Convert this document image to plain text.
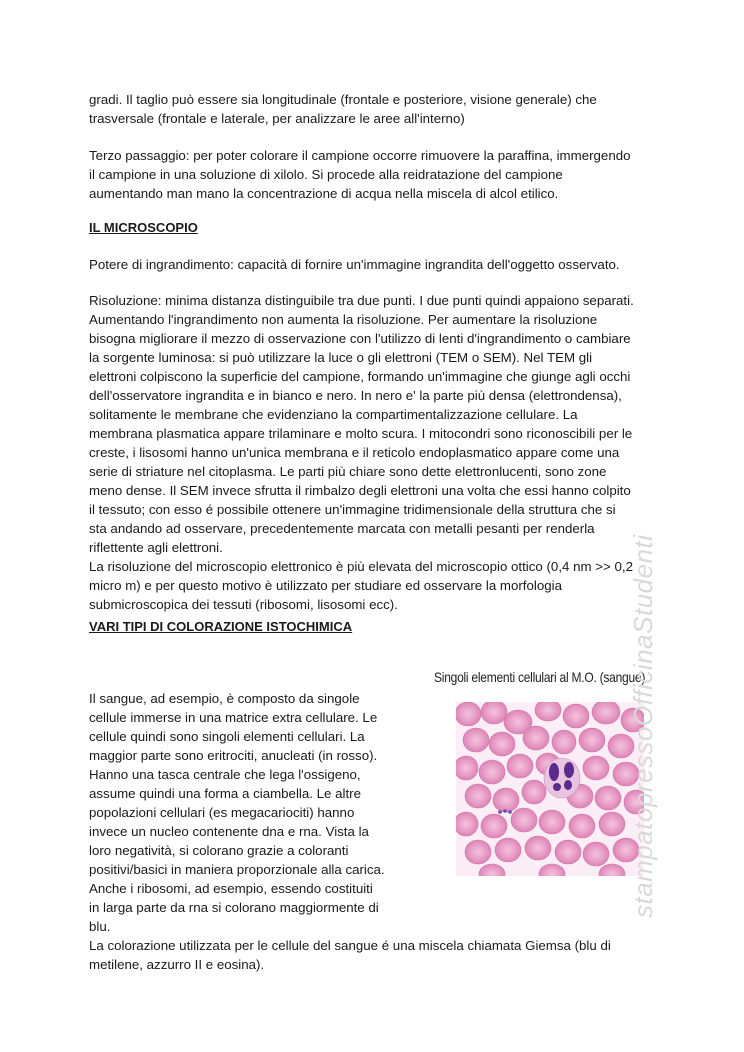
gradi. Il taglio può essere sia longitudinale (frontale e posteriore, visione generale) che
trasversale (frontale e laterale, per analizzare le aree all'interno)
Terzo passaggio: per poter colorare il campione occorre rimuovere la paraffina, immergendo
il campione in una soluzione di xilolo. Si procede alla reidratazione del campione
aumentando man mano la concentrazione di acqua nella miscela di alcol etilico.
IL MICROSCOPIO
Potere di ingrandimento: capacità di fornire un'immagine ingrandita dell'oggetto osservato.
Risoluzione: minima distanza distinguibile tra due punti. I due punti quindi appaiono separati.
Aumentando l'ingrandimento non aumenta la risoluzione. Per aumentare la risoluzione
bisogna migliorare il mezzo di osservazione con l'utilizzo di lenti d'ingrandimento o cambiare
la sorgente luminosa: si può utilizzare la luce o gli elettroni (TEM o SEM). Nel TEM gli
elettroni colpiscono la superficie del campione, formando un'immagine che giunge agli occhi
dell'osservatore ingrandita e in bianco e nero. In nero e' la parte più densa (elettrondensa),
solitamente le membrane che evidenziano la compartimentalizzazione cellulare. La
membrana plasmatica appare trilaminare e molto scura. I mitocondri sono riconoscibili per le
creste, i lisosomi hanno un'unica membrana e il reticolo endoplasmatico appare come una
serie di striature nel citoplasma. Le parti più chiare sono dette elettronlucenti, sono zone
meno dense. Il SEM invece sfrutta il rimbalzo degli elettroni una volta che essi hanno colpito
il tessuto; con esso é possibile ottenere un'immagine tridimensionale della struttura che si
sta andando ad osservare, precedentemente marcata con metalli pesanti per renderla
riflettente agli elettroni.
La risoluzione del microscopio elettronico è più elevata del microscopio ottico (0,4 nm >> 0,2
micro m) e per questo motivo è utilizzato per studiare ed osservare la morfologia
submicroscopica dei tessuti (ribosomi, lisosomi ecc).
VARI TIPI DI COLORAZIONE ISTOCHIMICA
Singoli elementi cellulari al M.O. (sangue)
Il sangue, ad esempio, è composto da singole
cellule immerse in una matrice extra cellulare. Le
cellule quindi sono singoli elementi cellulari. La
maggior parte sono eritrociti, anucleati (in rosso).
Hanno una tasca centrale che lega l'ossigeno,
assume quindi una forma a ciambella. Le altre
popolazioni cellulari (es megacariociti) hanno
invece un nucleo contenente dna e rna. Vista la
loro negatività, si colorano grazie a coloranti
positivi/basici in maniera proporzionale alla carica.
Anche i ribosomi, ad esempio, essendo costituiti
in larga parte da rna si colorano maggiormente di
blu.
La colorazione utilizzata per le cellule del sangue é una miscela chiamata Giemsa (blu di
metilene, azzurro II e eosina).
stampatopressoOfficinaStudenti
